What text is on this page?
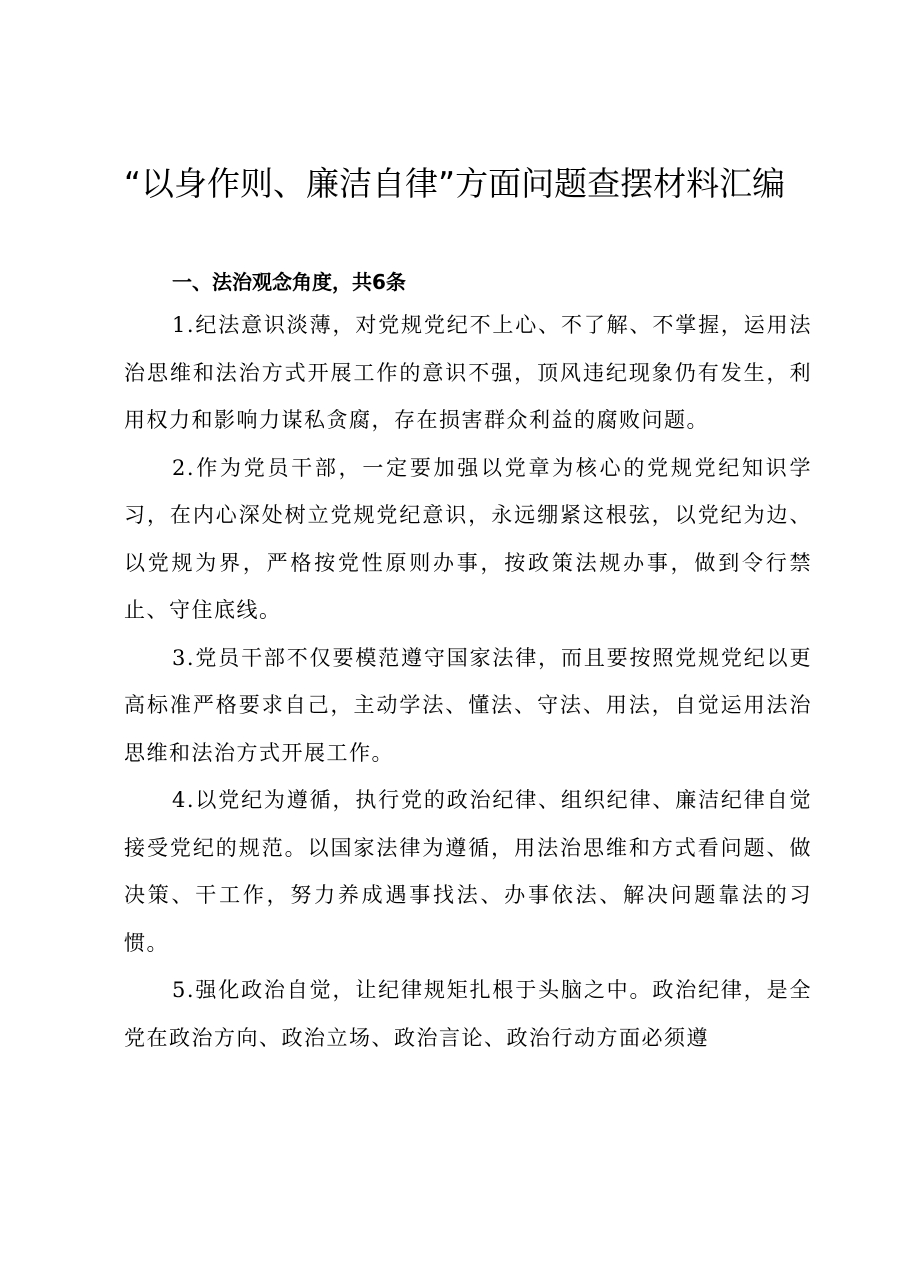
“以身作则、廉洁自律”方面问题查摆材料汇编

一、法治观念角度，共6条

1.纪法意识淡薄，对党规党纪不上心、不了解、不掌握，运用法治思维和法治方式开展工作的意识不强，顶风违纪现象仍有发生，利用权力和影响力谋私贪腐，存在损害群众利益的腐败问题。

2.作为党员干部，一定要加强以党章为核心的党规党纪知识学习，在内心深处树立党规党纪意识，永远绷紧这根弦，以党纪为边、以党规为界，严格按党性原则办事，按政策法规办事，做到令行禁止、守住底线。

3.党员干部不仅要模范遵守国家法律，而且要按照党规党纪以更高标准严格要求自己，主动学法、懂法、守法、用法，自觉运用法治思维和法治方式开展工作。

4.以党纪为遵循，执行党的政治纪律、组织纪律、廉洁纪律自觉接受党纪的规范。以国家法律为遵循，用法治思维和方式看问题、做决策、干工作，努力养成遇事找法、办事依法、解决问题靠法的习惯。

5.强化政治自觉，让纪律规矩扎根于头脑之中。政治纪律，是全党在政治方向、政治立场、政治言论、政治行动方面必须遵
